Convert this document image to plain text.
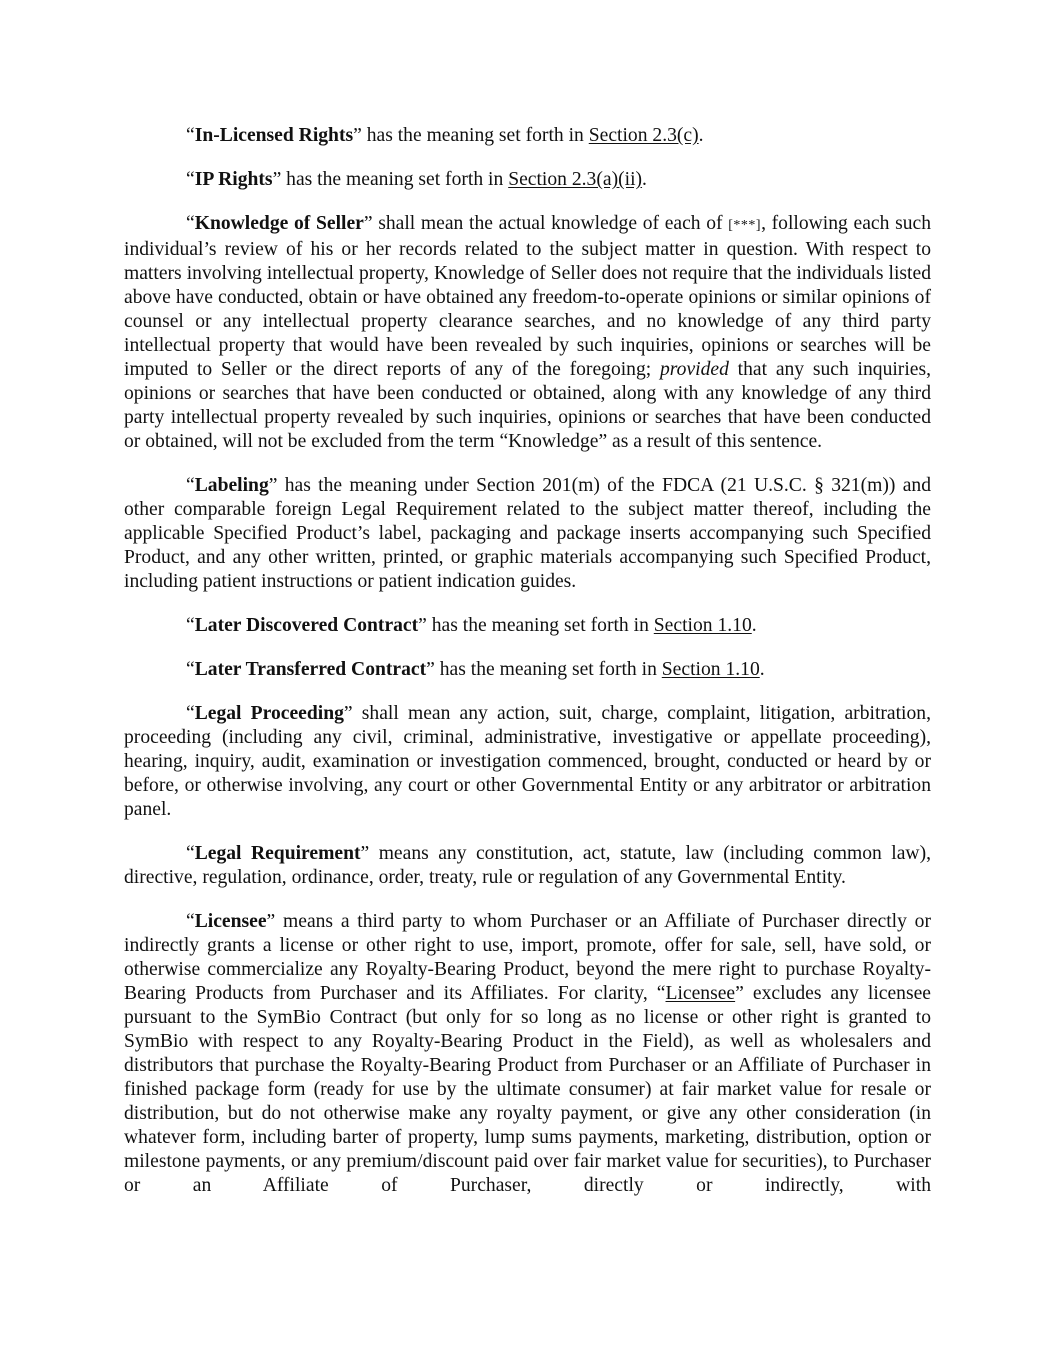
“In-Licensed Rights” has the meaning set forth in Section 2.3(c).

“IP Rights” has the meaning set forth in Section 2.3(a)(ii).

“Knowledge of Seller” shall mean the actual knowledge of each of [***], following each such individual’s review of his or her records related to the subject matter in question. With respect to matters involving intellectual property, Knowledge of Seller does not require that the individuals listed above have conducted, obtain or have obtained any freedom-to-operate opinions or similar opinions of counsel or any intellectual property clearance searches, and no knowledge of any third party intellectual property that would have been revealed by such inquiries, opinions or searches will be imputed to Seller or the direct reports of any of the foregoing; provided that any such inquiries, opinions or searches that have been conducted or obtained, along with any knowledge of any third party intellectual property revealed by such inquiries, opinions or searches that have been conducted or obtained, will not be excluded from the term “Knowledge” as a result of this sentence.

“Labeling” has the meaning under Section 201(m) of the FDCA (21 U.S.C. § 321(m)) and other comparable foreign Legal Requirement related to the subject matter thereof, including the applicable Specified Product’s label, packaging and package inserts accompanying such Specified Product, and any other written, printed, or graphic materials accompanying such Specified Product, including patient instructions or patient indication guides.

“Later Discovered Contract” has the meaning set forth in Section 1.10.

“Later Transferred Contract” has the meaning set forth in Section 1.10.

“Legal Proceeding” shall mean any action, suit, charge, complaint, litigation, arbitration, proceeding (including any civil, criminal, administrative, investigative or appellate proceeding), hearing, inquiry, audit, examination or investigation commenced, brought, conducted or heard by or before, or otherwise involving, any court or other Governmental Entity or any arbitrator or arbitration panel.

“Legal Requirement” means any constitution, act, statute, law (including common law), directive, regulation, ordinance, order, treaty, rule or regulation of any Governmental Entity.

“Licensee” means a third party to whom Purchaser or an Affiliate of Purchaser directly or indirectly grants a license or other right to use, import, promote, offer for sale, sell, have sold, or otherwise commercialize any Royalty-Bearing Product, beyond the mere right to purchase Royalty-Bearing Products from Purchaser and its Affiliates. For clarity, “Licensee” excludes any licensee pursuant to the SymBio Contract (but only for so long as no license or other right is granted to SymBio with respect to any Royalty-Bearing Product in the Field), as well as wholesalers and distributors that purchase the Royalty-Bearing Product from Purchaser or an Affiliate of Purchaser in finished package form (ready for use by the ultimate consumer) at fair market value for resale or distribution, but do not otherwise make any royalty payment, or give any other consideration (in whatever form, including barter of property, lump sums payments, marketing, distribution, option or milestone payments, or any premium/discount paid over fair market value for securities), to Purchaser or an Affiliate of Purchaser, directly or indirectly, with
